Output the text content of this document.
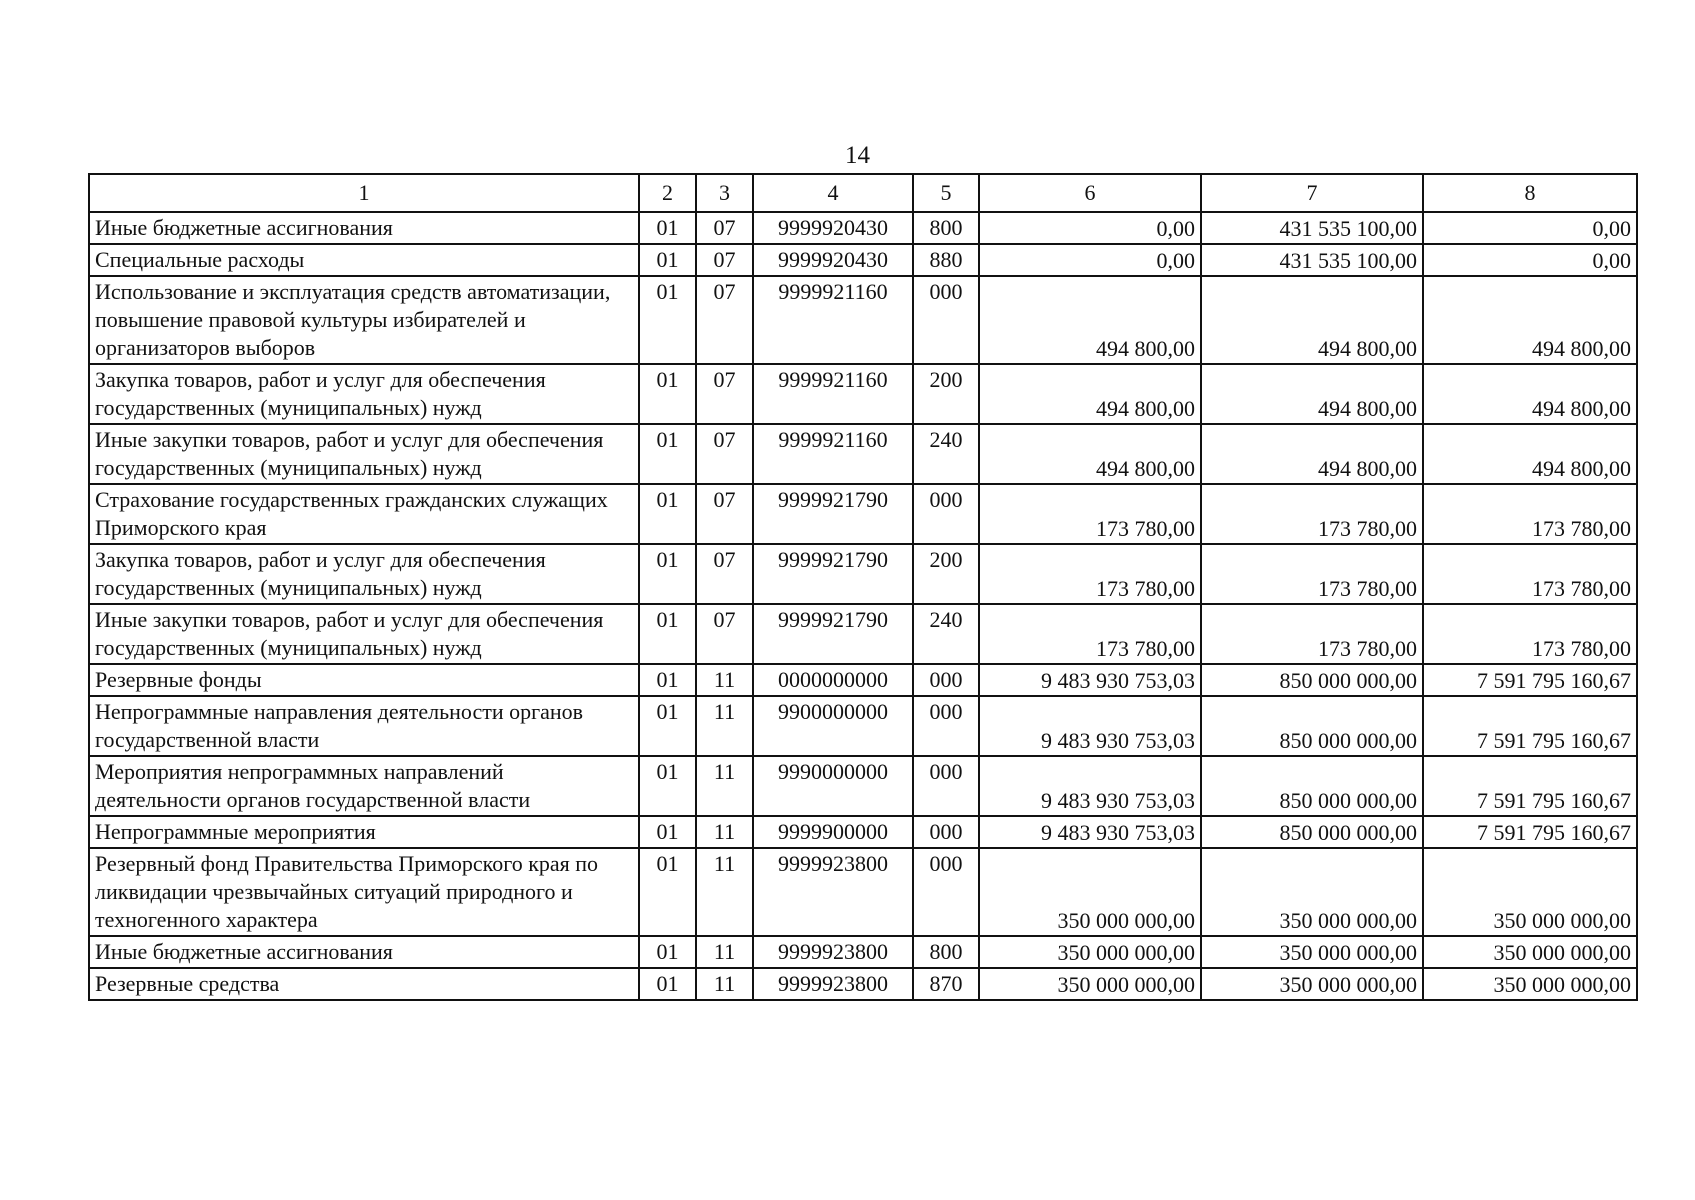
14
1	2	3	4	5	6	7	8
Иные бюджетные ассигнования	01	07	9999920430	800	0,00	431 535 100,00	0,00
Специальные расходы	01	07	9999920430	880	0,00	431 535 100,00	0,00
Использование и эксплуатация средств автоматизации, повышение правовой культуры избирателей и организаторов выборов	01	07	9999921160	000	494 800,00	494 800,00	494 800,00
Закупка товаров, работ и услуг для обеспечения государственных (муниципальных) нужд	01	07	9999921160	200	494 800,00	494 800,00	494 800,00
Иные закупки товаров, работ и услуг для обеспечения государственных (муниципальных) нужд	01	07	9999921160	240	494 800,00	494 800,00	494 800,00
Страхование государственных гражданских служащих Приморского края	01	07	9999921790	000	173 780,00	173 780,00	173 780,00
Закупка товаров, работ и услуг для обеспечения государственных (муниципальных) нужд	01	07	9999921790	200	173 780,00	173 780,00	173 780,00
Иные закупки товаров, работ и услуг для обеспечения государственных (муниципальных) нужд	01	07	9999921790	240	173 780,00	173 780,00	173 780,00
Резервные фонды	01	11	0000000000	000	9 483 930 753,03	850 000 000,00	7 591 795 160,67
Непрограммные направления деятельности органов государственной власти	01	11	9900000000	000	9 483 930 753,03	850 000 000,00	7 591 795 160,67
Мероприятия непрограммных направлений деятельности органов государственной власти	01	11	9990000000	000	9 483 930 753,03	850 000 000,00	7 591 795 160,67
Непрограммные мероприятия	01	11	9999900000	000	9 483 930 753,03	850 000 000,00	7 591 795 160,67
Резервный фонд Правительства Приморского края по ликвидации чрезвычайных ситуаций природного и техногенного характера	01	11	9999923800	000	350 000 000,00	350 000 000,00	350 000 000,00
Иные бюджетные ассигнования	01	11	9999923800	800	350 000 000,00	350 000 000,00	350 000 000,00
Резервные средства	01	11	9999923800	870	350 000 000,00	350 000 000,00	350 000 000,00
